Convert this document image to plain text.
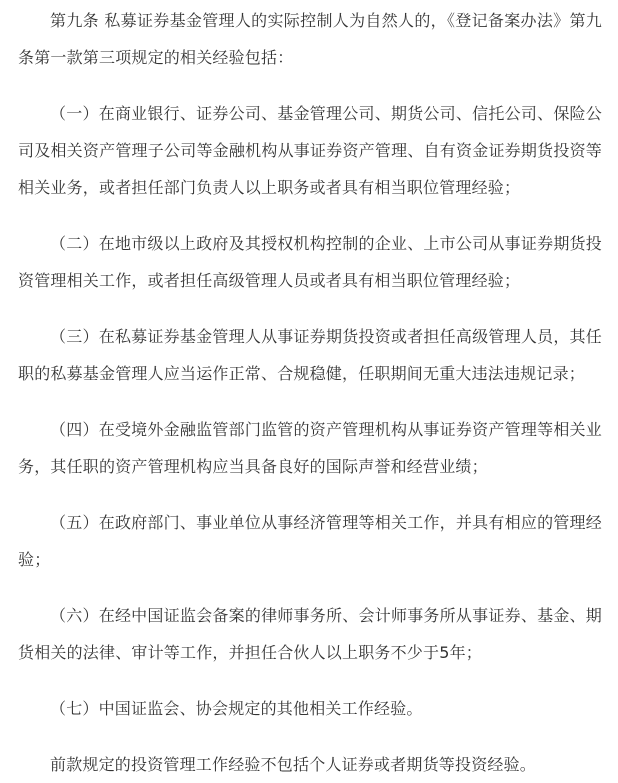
第九条 私募证券基金管理人的实际控制人为自然人的，《登记备案办法》第九条第一款第三项规定的相关经验包括：

（一）在商业银行、证券公司、基金管理公司、期货公司、信托公司、保险公司及相关资产管理子公司等金融机构从事证券资产管理、自有资金证券期货投资等相关业务，或者担任部门负责人以上职务或者具有相当职位管理经验；

（二）在地市级以上政府及其授权机构控制的企业、上市公司从事证券期货投资管理相关工作，或者担任高级管理人员或者具有相当职位管理经验；

（三）在私募证券基金管理人从事证券期货投资或者担任高级管理人员，其任职的私募基金管理人应当运作正常、合规稳健，任职期间无重大违法违规记录；

（四）在受境外金融监管部门监管的资产管理机构从事证券资产管理等相关业务，其任职的资产管理机构应当具备良好的国际声誉和经营业绩；

（五）在政府部门、事业单位从事经济管理等相关工作，并具有相应的管理经验；

（六）在经中国证监会备案的律师事务所、会计师事务所从事证券、基金、期货相关的法律、审计等工作，并担任合伙人以上职务不少于5年；

（七）中国证监会、协会规定的其他相关工作经验。

前款规定的投资管理工作经验不包括个人证券或者期货等投资经验。
